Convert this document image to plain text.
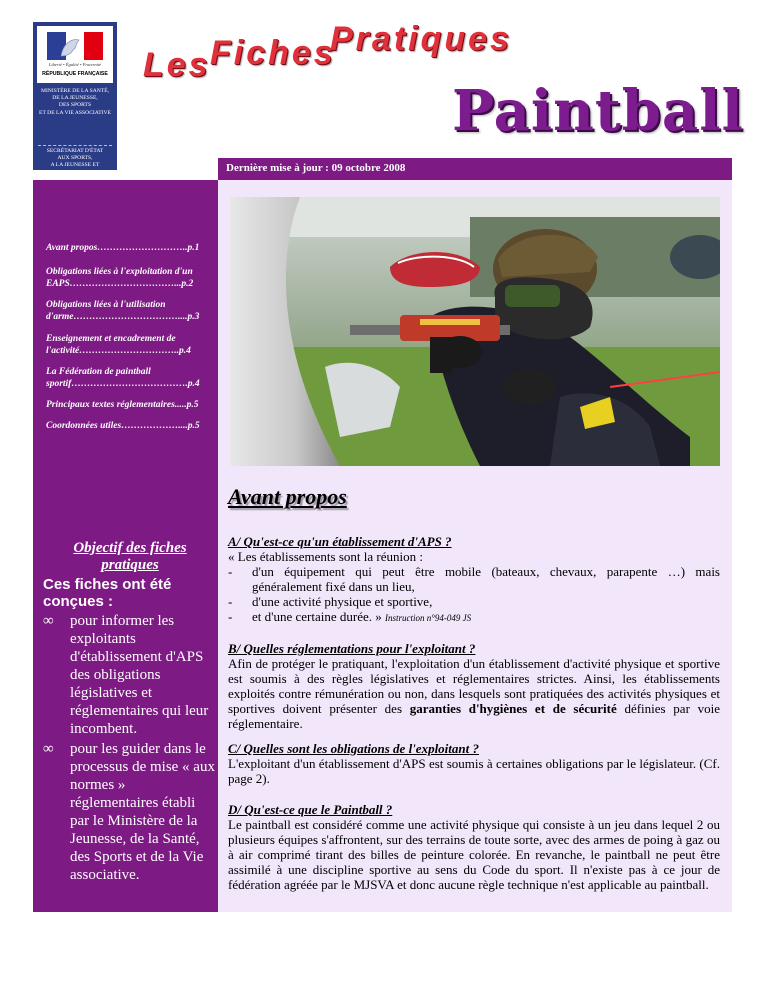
Liberté • Égalité • Fraternité
RÉPUBLIQUE FRANÇAISE
MINISTÈRE DE LA SANTÉ,
DE LA JEUNESSE,
DES SPORTS
ET DE LA VIE ASSOCIATIVE
SECRÉTARIAT D'ÉTAT
AUX SPORTS,
A LA JEUNESSE ET
A LA VIE ASSOCIATIVE
Les Fiches
Pratiques
Paintball
Dernière mise à jour : 09 octobre 2008
Avant propos………………………..p.1
Obligations liées à l'exploitation d'un EAPS……………………………...p.2
Obligations liées à l'utilisation d'arme……………………………....p.3
Enseignement et encadrement de l'activité…………………………..p.4
La Fédération de paintball sportif……………………………….p.4
Principaux textes réglementaires.....p.5
Coordonnées utiles………………....p.5
Objectif des fiches pratiques
Ces fiches ont été conçues :
∞ pour informer les exploitants d'établissement d'APS des obligations législatives et réglementaires qui leur incombent.
∞ pour les guider dans le processus de mise « aux normes » réglementaires établi par le Ministère de la Jeunesse, de la Santé, des Sports et de la Vie associative.
Avant propos
A/ Qu'est-ce qu'un établissement d'APS ?
« Les établissements sont la réunion :
- d'un équipement qui peut être mobile (bateaux, chevaux, parapente …) mais généralement fixé dans un lieu,
- d'une activité physique et sportive,
- et d'une certaine durée. » Instruction n°94-049 JS
B/ Quelles réglementations pour l'exploitant ?
Afin de protéger le pratiquant, l'exploitation d'un établissement d'activité physique et sportive est soumis à des règles législatives et réglementaires strictes. Ainsi, les établissements exploités contre rémunération ou non, dans lesquels sont pratiquées des activités physiques et sportives doivent présenter des garanties d'hygiènes et de sécurité définies par voie réglementaire.
C/ Quelles sont les obligations de l'exploitant ?
L'exploitant d'un établissement d'APS est soumis à certaines obligations par le législateur. (Cf. page 2).
D/ Qu'est-ce que le Paintball ?
Le paintball est considéré comme une activité physique qui consiste à un jeu dans lequel 2 ou plusieurs équipes s'affrontent, sur des terrains de toute sorte, avec des armes de poing à gaz ou à air comprimé tirant des billes de peinture colorée. En revanche, le paintball ne peut être assimilé à une discipline sportive au sens du Code du sport. Il n'existe pas à ce jour de fédération agréée par le MJSVA et donc aucune règle technique n'est applicable au paintball.
